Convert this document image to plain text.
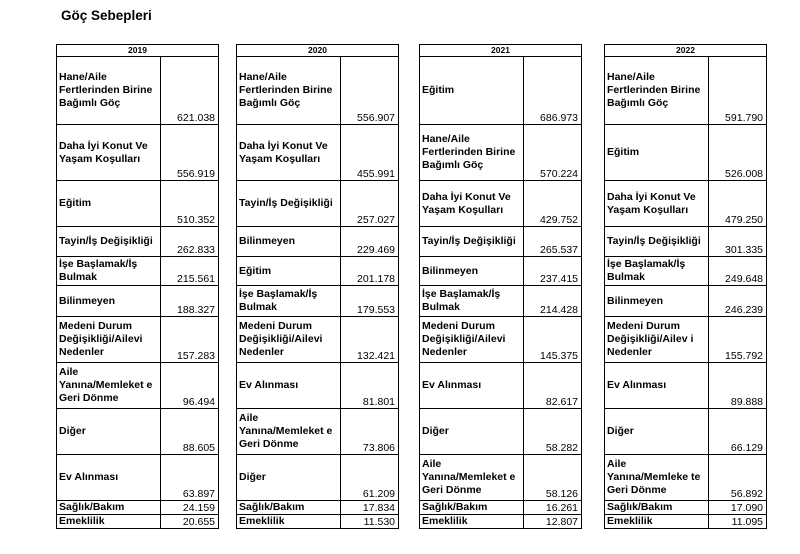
Göç Sebepleri
2019	
Hane/Aile Fertlerinden Birine Bağımlı Göç	621.038
Daha İyi Konut Ve Yaşam Koşulları	556.919
Eğitim	510.352
Tayin/İş Değişikliği	262.833
İşe Başlamak/İş Bulmak	215.561
Bilinmeyen	188.327
Medeni Durum Değişikliği/Ailevi Nedenler	157.283
Aile Yanına/Memleket e Geri Dönme	96.494
Diğer	88.605
Ev Alınması	63.897
Sağlık/Bakım	24.159
Emeklilik	20.655
2020	
Hane/Aile Fertlerinden Birine Bağımlı Göç	556.907
Daha İyi Konut Ve Yaşam Koşulları	455.991
Tayin/İş Değişikliği	257.027
Bilinmeyen	229.469
Eğitim	201.178
İşe Başlamak/İş Bulmak	179.553
Medeni Durum Değişikliği/Ailevi Nedenler	132.421
Ev Alınması	81.801
Aile Yanına/Memleket e Geri Dönme	73.806
Diğer	61.209
Sağlık/Bakım	17.834
Emeklilik	11.530
2021	
Eğitim	686.973
Hane/Aile Fertlerinden Birine Bağımlı Göç	570.224
Daha İyi Konut Ve Yaşam Koşulları	429.752
Tayin/İş Değişikliği	265.537
Bilinmeyen	237.415
İşe Başlamak/İş Bulmak	214.428
Medeni Durum Değişikliği/Ailevi Nedenler	145.375
Ev Alınması	82.617
Diğer	58.282
Aile Yanına/Memleket e Geri Dönme	58.126
Sağlık/Bakım	16.261
Emeklilik	12.807
2022	
Hane/Aile Fertlerinden Birine Bağımlı Göç	591.790
Eğitim	526.008
Daha İyi Konut Ve Yaşam Koşulları	479.250
Tayin/İş Değişikliği	301.335
İşe Başlamak/İş Bulmak	249.648
Bilinmeyen	246.239
Medeni Durum Değişikliği/Ailev i Nedenler	155.792
Ev Alınması	89.888
Diğer	66.129
Aile Yanına/Memleke te Geri Dönme	56.892
Sağlık/Bakım	17.090
Emeklilik	11.095
